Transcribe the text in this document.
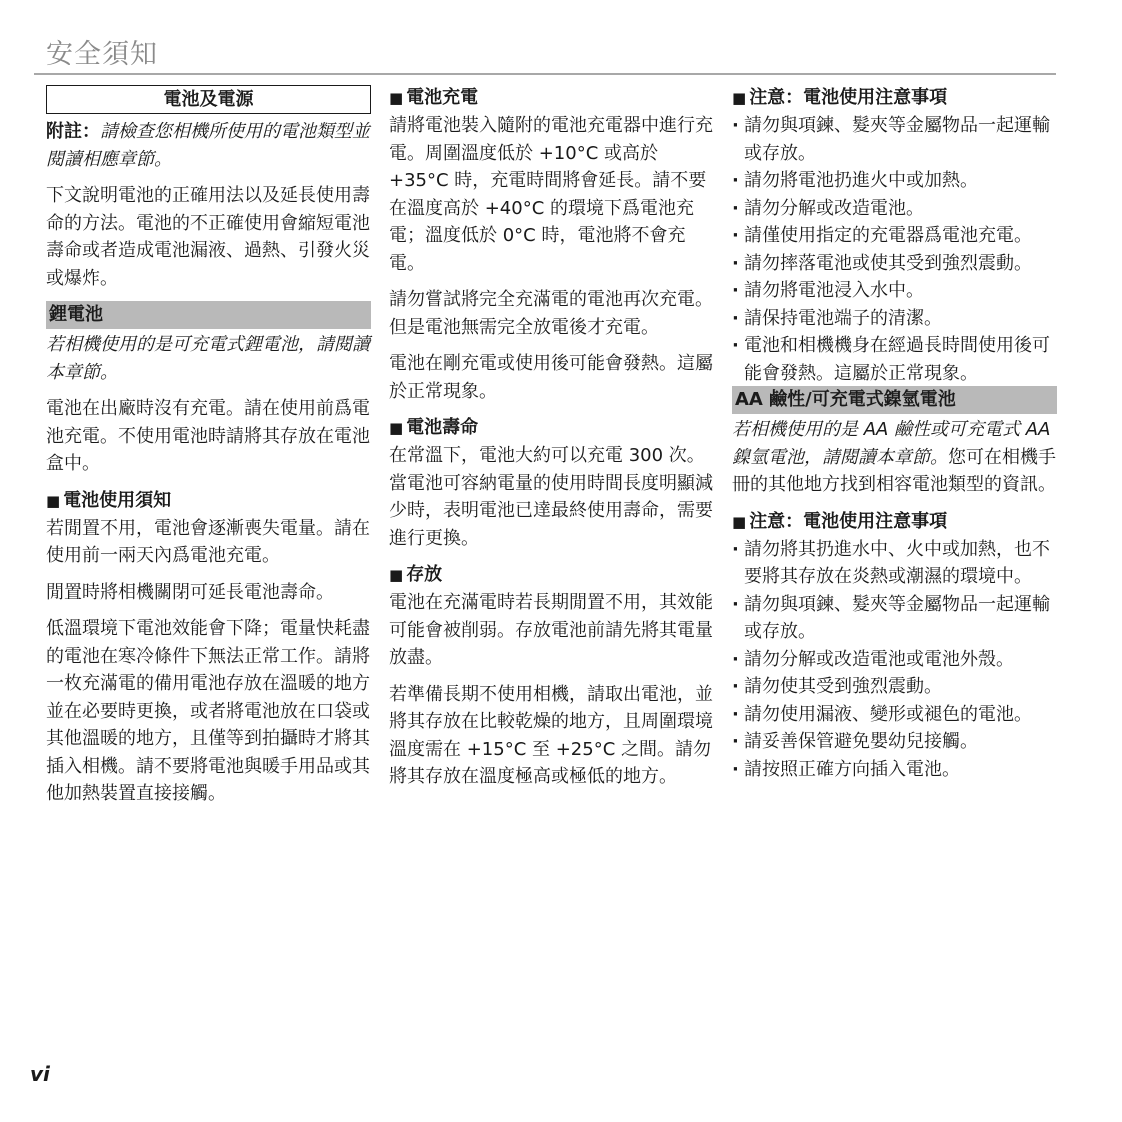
安全須知
電池及電源

附註：請檢查您相機所使用的電池類型並閱讀相應章節。

下文說明電池的正確用法以及延長使用壽命的方法。電池的不正確使用會縮短電池壽命或者造成電池漏液、過熱、引發火災或爆炸。

鋰電池

若相機使用的是可充電式鋰電池，請閱讀本章節。

電池在出廠時沒有充電。請在使用前爲電池充電。不使用電池時請將其存放在電池盒中。

■ 電池使用須知

若閒置不用，電池會逐漸喪失電量。請在使用前一兩天內爲電池充電。

閒置時將相機關閉可延長電池壽命。

低溫環境下電池效能會下降；電量快耗盡的電池在寒冷條件下無法正常工作。請將一枚充滿電的備用電池存放在溫暖的地方並在必要時更換，或者將電池放在口袋或其他溫暖的地方，且僅等到拍攝時才將其插入相機。請不要將電池與暖手用品或其他加熱裝置直接接觸。

■ 電池充電

請將電池裝入隨附的電池充電器中進行充電。周圍溫度低於 +10°C 或高於 +35°C 時，充電時間將會延長。請不要在溫度高於 +40°C 的環境下爲電池充電；溫度低於 0°C 時，電池將不會充電。

請勿嘗試將完全充滿電的電池再次充電。但是電池無需完全放電後才充電。

電池在剛充電或使用後可能會發熱。這屬於正常現象。

■ 電池壽命

在常溫下，電池大約可以充電 300 次。當電池可容納電量的使用時間長度明顯減少時，表明電池已達最終使用壽命，需要進行更換。

■ 存放

電池在充滿電時若長期閒置不用，其效能可能會被削弱。存放電池前請先將其電量放盡。

若準備長期不使用相機，請取出電池，並將其存放在比較乾燥的地方，且周圍環境溫度需在 +15°C 至 +25°C 之間。請勿將其存放在溫度極高或極低的地方。

■ 注意：電池使用注意事項
· 請勿與項鍊、髮夾等金屬物品一起運輸或存放。
· 請勿將電池扔進火中或加熱。
· 請勿分解或改造電池。
· 請僅使用指定的充電器爲電池充電。
· 請勿摔落電池或使其受到強烈震動。
· 請勿將電池浸入水中。
· 請保持電池端子的清潔。
· 電池和相機機身在經過長時間使用後可能會發熱。這屬於正常現象。
AA 鹼性/可充電式鎳氫電池

若相機使用的是 AA 鹼性或可充電式 AA 鎳氫電池，請閱讀本章節。您可在相機手冊的其他地方找到相容電池類型的資訊。

■ 注意：電池使用注意事項
· 請勿將其扔進水中、火中或加熱，也不要將其存放在炎熱或潮濕的環境中。
· 請勿與項鍊、髮夾等金屬物品一起運輸或存放。
· 請勿分解或改造電池或電池外殼。
· 請勿使其受到強烈震動。
· 請勿使用漏液、變形或褪色的電池。
· 請妥善保管避免嬰幼兒接觸。
· 請按照正確方向插入電池。
vi
